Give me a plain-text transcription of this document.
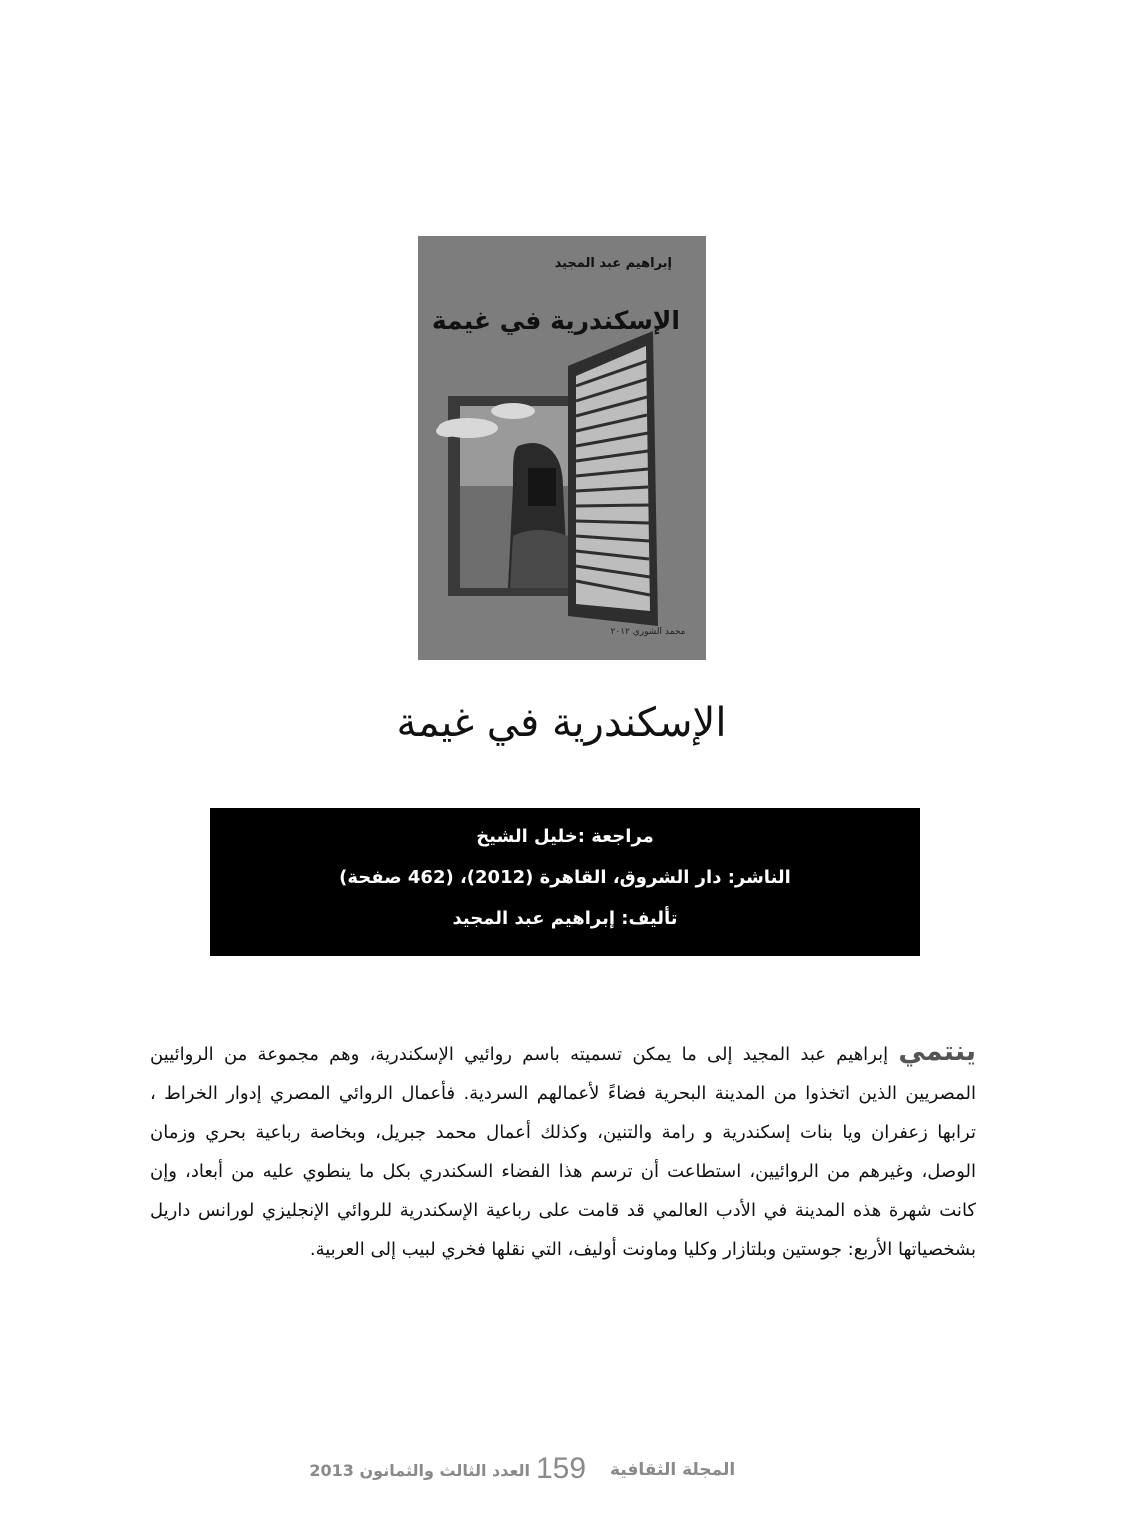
محمد الشوري ٢٠١٢
إبراهيم عبد المجيد
الإسكندرية في غيمة
الإسكندرية في غيمة
مراجعة :خليل الشيخ
الناشر: دار الشروق، القاهرة (2012)، (462 صفحة)
تأليف: إبراهيم عبد المجيد
ينتمي إبراهيم عبد المجيد إلى ما يمكن تسميته باسم روائيي الإسكندرية، وهم مجموعة من الروائيين المصريين الذين اتخذوا من المدينة البحرية فضاءً لأعمالهم السردية. فأعمال الروائي المصري إدوار الخراط ، ترابها زعفران ويا بنات إسكندرية و رامة والتنين، وكذلك أعمال محمد جبريل، وبخاصة رباعية بحري وزمان الوصل، وغيرهم من الروائيين، استطاعت أن ترسم هذا الفضاء السكندري بكل ما ينطوي عليه من أبعاد، وإن كانت شهرة هذه المدينة في الأدب العالمي قد قامت على رباعية الإسكندرية للروائي الإنجليزي لورانس داريل بشخصياتها الأربع: جوستين وبلتازار وكليا وماونت أوليف، التي نقلها فخري لبيب إلى العربية.
العدد الثالث والثمانون 2013 159 المجلة الثقافية
